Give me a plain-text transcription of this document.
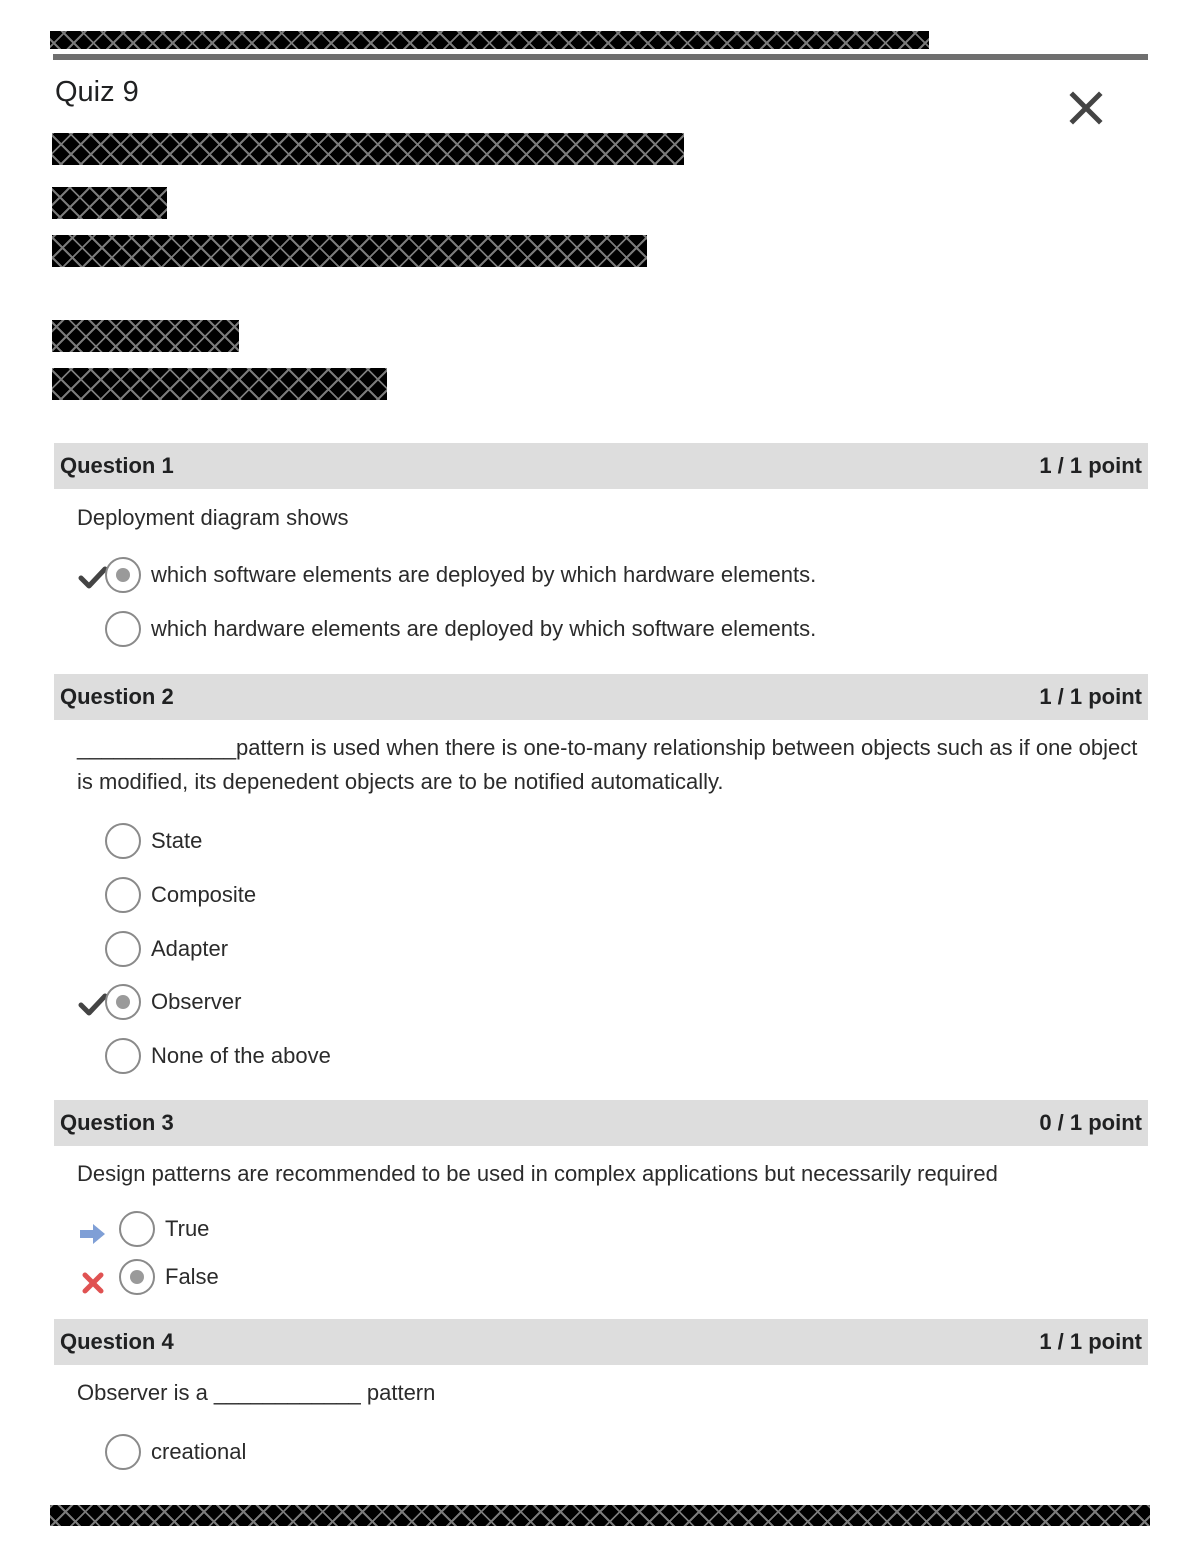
Quiz 9
Question 1	1 / 1 point
Deployment diagram shows
which software elements are deployed by which hardware elements.
which hardware elements are deployed by which software elements.
Question 2	1 / 1 point
_____________pattern is used when there is one-to-many relationship between objects such as if one object is modified, its depenedent objects are to be notified automatically.
State
Composite
Adapter
Observer
None of the above
Question 3	0 / 1 point
Design patterns are recommended to be used in complex applications but necessarily required
True
False
Question 4	1 / 1 point
Observer is a ____________ pattern
creational
